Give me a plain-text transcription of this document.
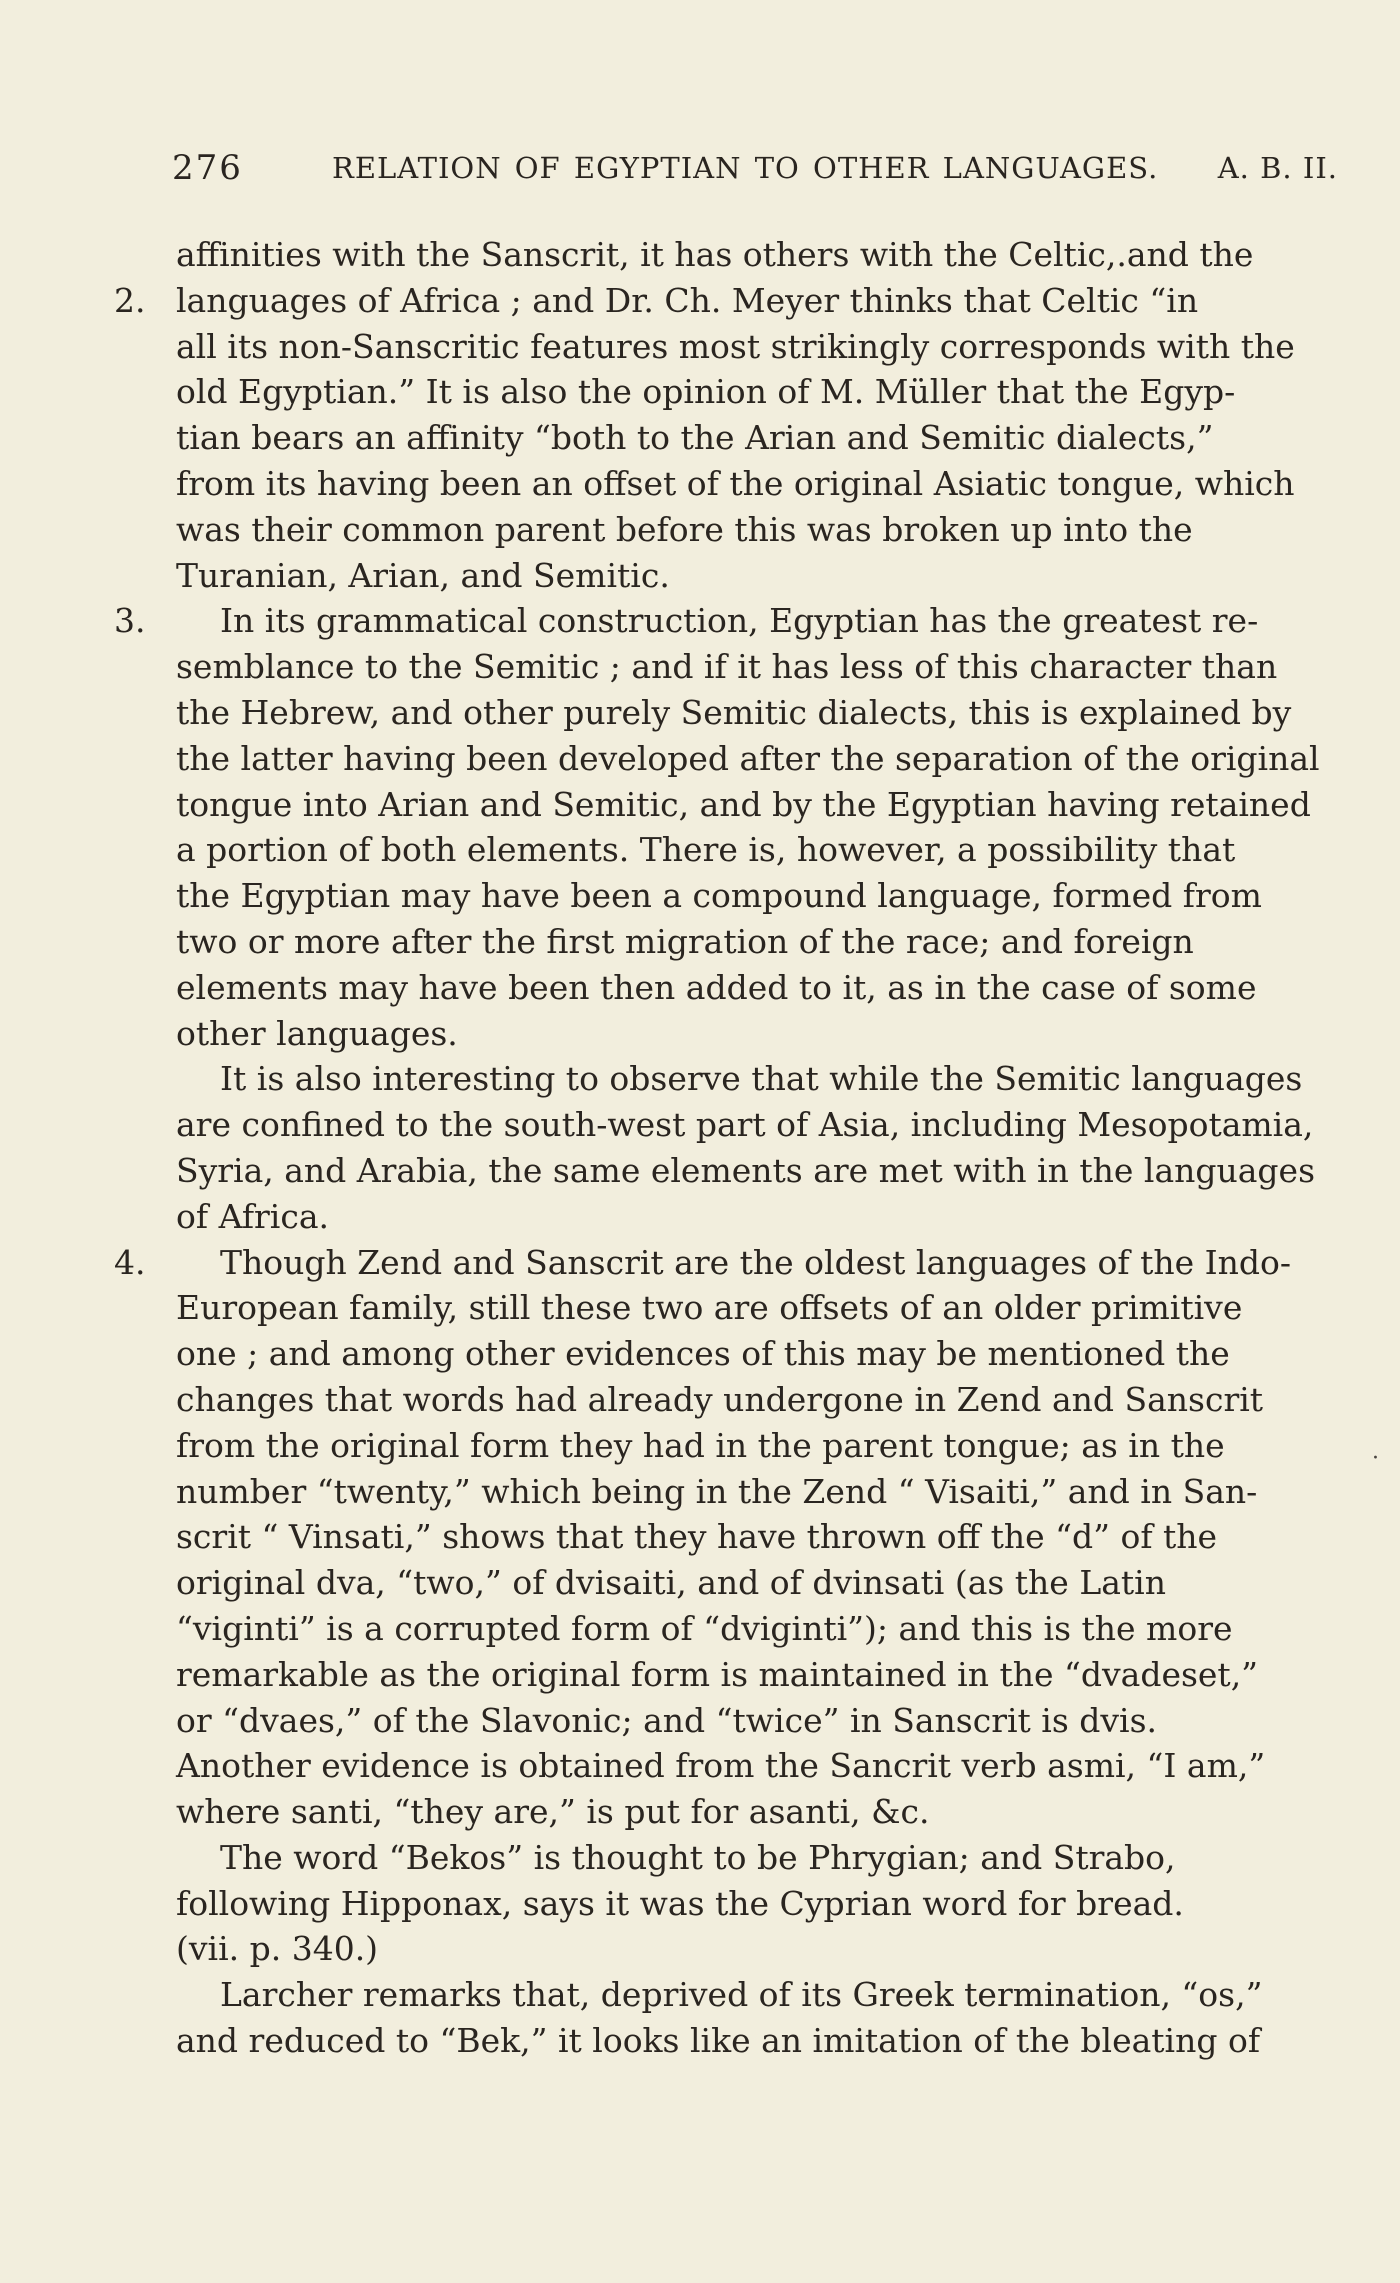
276	RELATION OF EGYPTIAN TO OTHER LANGUAGES. A. B. II.
affinities with the Sanscrit, it has others with the Celtic,.and the
2. languages of Africa ; and Dr. Ch. Meyer thinks that Celtic “in
all its non-Sanscritic features most strikingly corresponds with the
old Egyptian.” It is also the opinion of M. Müller that the Egyp-
tian bears an affinity “both to the Arian and Semitic dialects,”
from its having been an offset of the original Asiatic tongue, which
was their common parent before this was broken up into the
Turanian, Arian, and Semitic.
3. In its grammatical construction, Egyptian has the greatest re-
semblance to the Semitic ; and if it has less of this character than
the Hebrew, and other purely Semitic dialects, this is explained by
the latter having been developed after the separation of the original
tongue into Arian and Semitic, and by the Egyptian having retained
a portion of both elements. There is, however, a possibility that
the Egyptian may have been a compound language, formed from
two or more after the first migration of the race; and foreign
elements may have been then added to it, as in the case of some
other languages.
It is also interesting to observe that while the Semitic languages
are confined to the south-west part of Asia, including Mesopotamia,
Syria, and Arabia, the same elements are met with in the languages
of Africa.
4. Though Zend and Sanscrit are the oldest languages of the Indo-
European family, still these two are offsets of an older primitive
one ; and among other evidences of this may be mentioned the
changes that words had already undergone in Zend and Sanscrit
from the original form they had in the parent tongue; as in the
number “twenty,” which being in the Zend “ Visaiti,” and in San-
scrit “ Vinsati,” shows that they have thrown off the “d” of the
original dva, “two,” of dvisaiti, and of dvinsati (as the Latin
“viginti” is a corrupted form of “dviginti”); and this is the more
remarkable as the original form is maintained in the “dvadeset,”
or “dvaes,” of the Slavonic; and “twice” in Sanscrit is dvis.
Another evidence is obtained from the Sancrit verb asmi, “I am,”
where santi, “they are,” is put for asanti, &c.
The word “Bekos” is thought to be Phrygian; and Strabo,
following Hipponax, says it was the Cyprian word for bread.
(vii. p. 340.)
Larcher remarks that, deprived of its Greek termination, “os,”
and reduced to “Bek,” it looks like an imitation of the bleating of
·
